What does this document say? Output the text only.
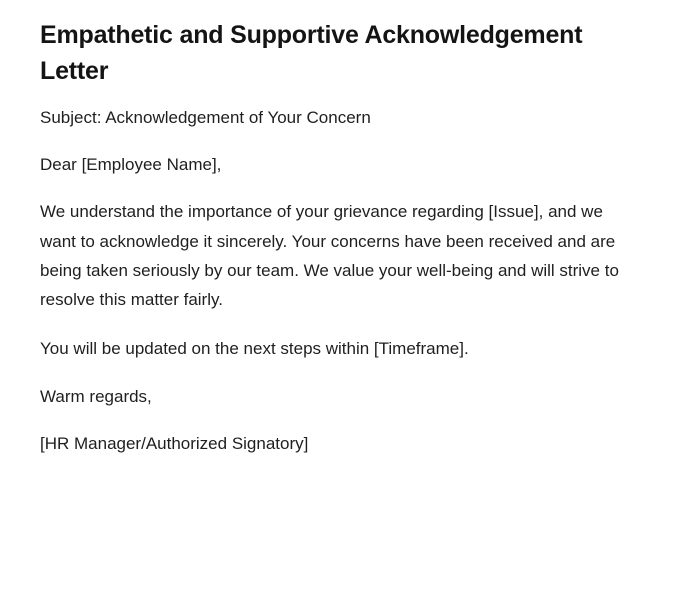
Empathetic and Supportive Acknowledgement Letter

Subject: Acknowledgement of Your Concern

Dear [Employee Name],

We understand the importance of your grievance regarding [Issue], and we want to acknowledge it sincerely. Your concerns have been received and are being taken seriously by our team. We value your well-being and will strive to resolve this matter fairly.

You will be updated on the next steps within [Timeframe].

Warm regards,

[HR Manager/Authorized Signatory]
